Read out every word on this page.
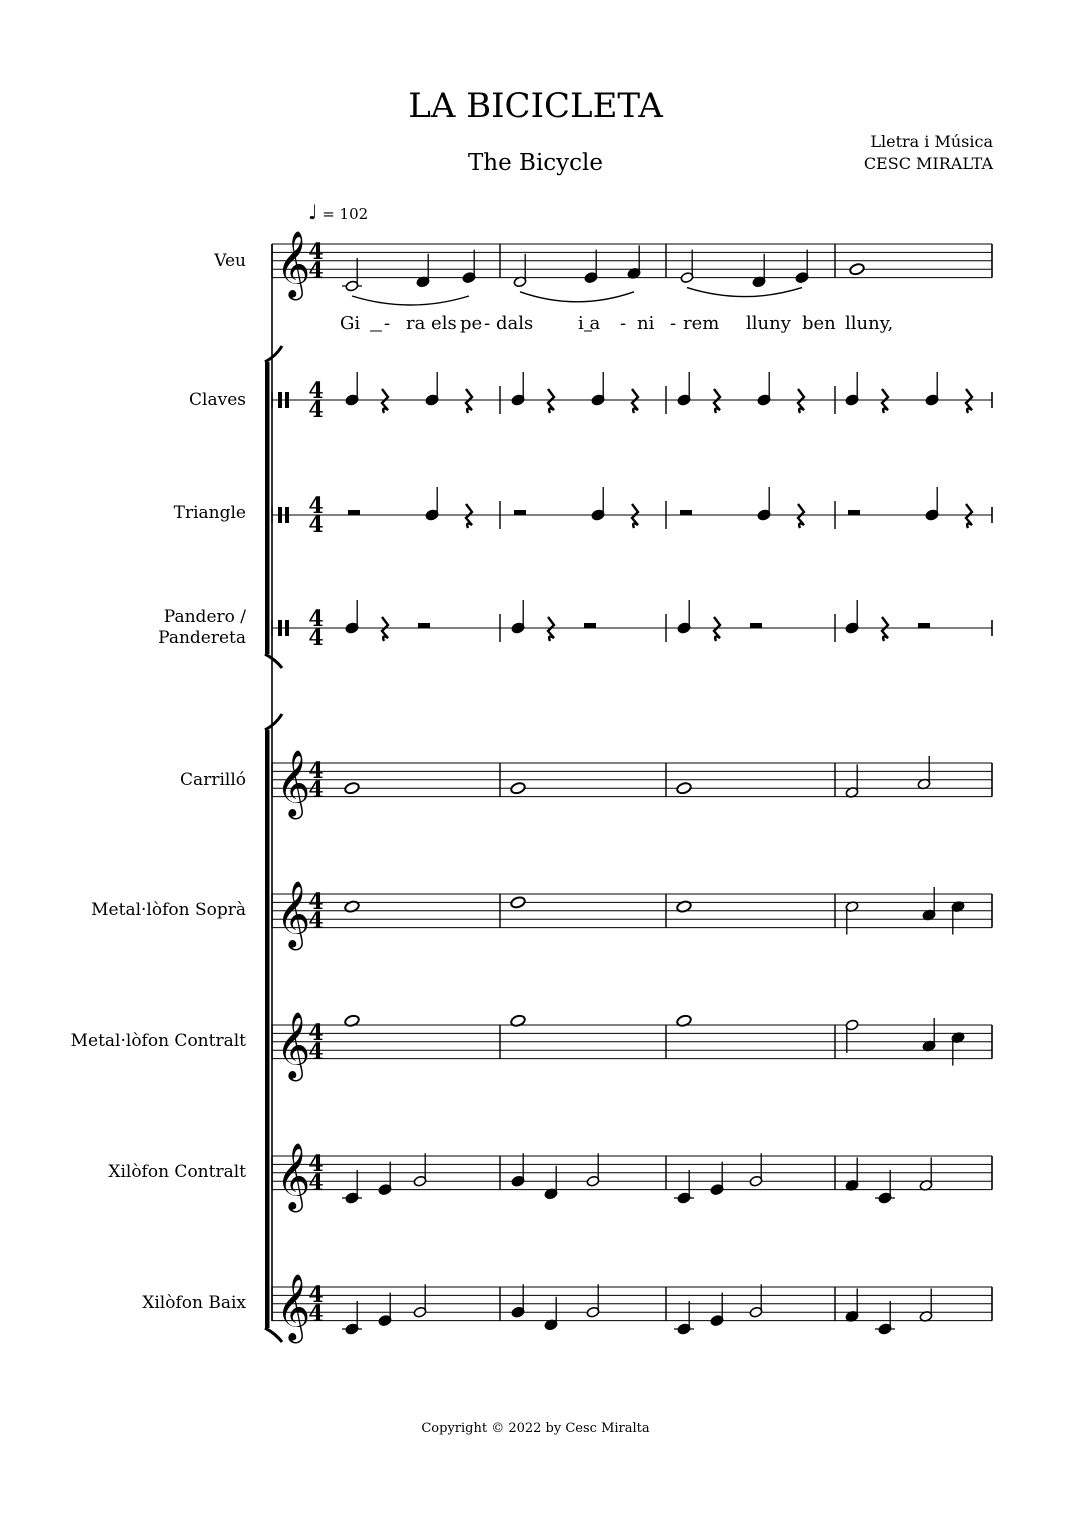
LA BICICLETA
The Bicycle
Lletra i Música
CESC MIRALTA
♩ = 102
Veu
Claves
Triangle
Pandero /
Pandereta
Carrilló
Metal·lòfon Soprà
Metal·lòfon Contralt
Xilòfon Contralt
Xilòfon Baix
𝄞
4
4
4
4
4
4
4
4
𝄞
4
4
𝄞
4
4
𝄞
4
4
𝄞
4
4
𝄞
4
4
Gi - ra els pe - dals i a - ni - rem lluny ben lluny,
Copyright © 2022 by Cesc Miralta
